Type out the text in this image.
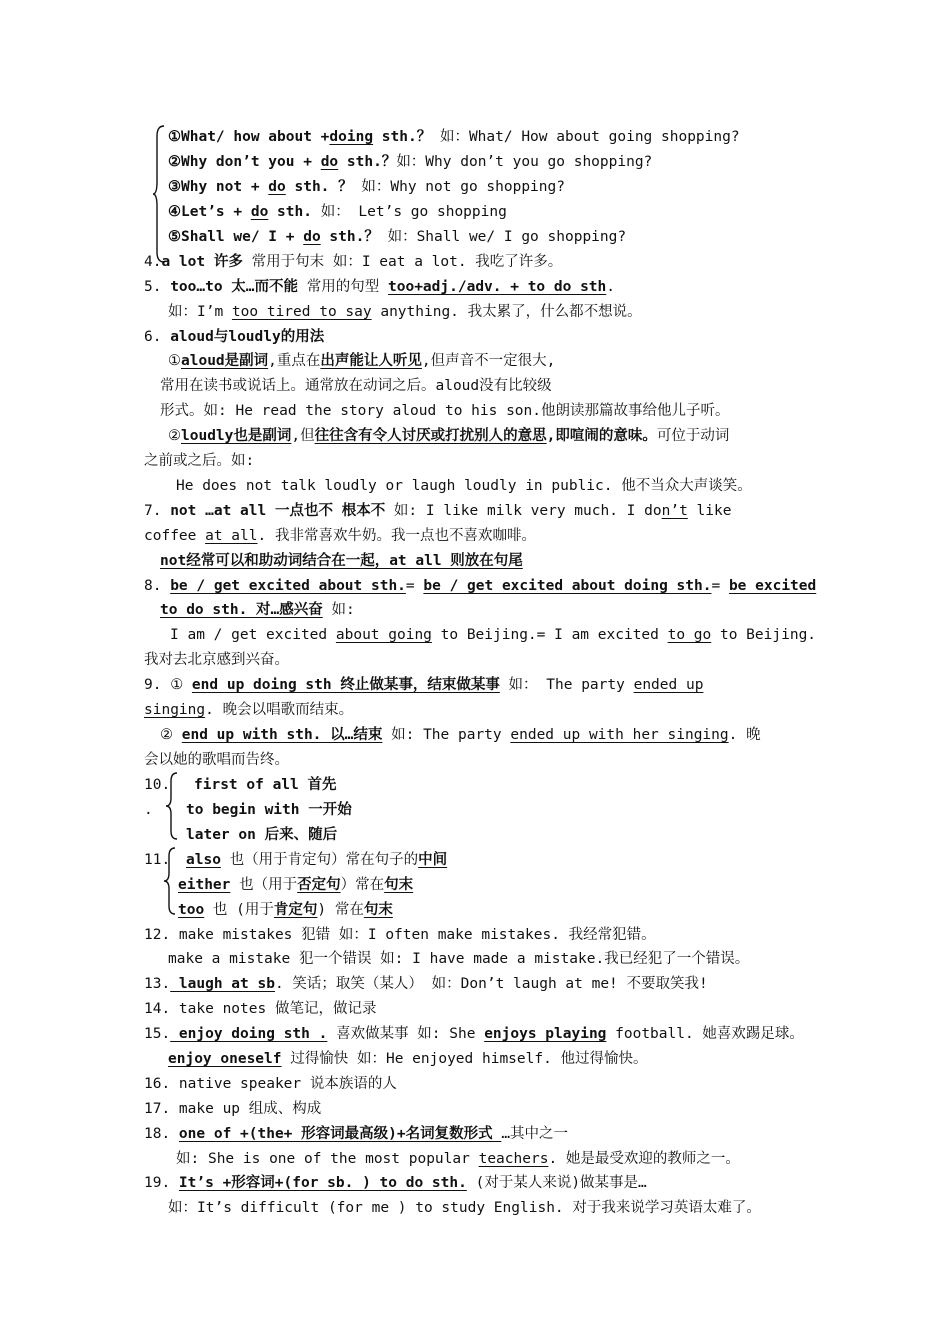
①What/ how about +doing sth.？ 如：What/ How about going shopping?
②Why don’t you + do sth.？如：Why don’t you go shopping?
③Why not + do sth. ？ 如：Why not go shopping?
④Let’s + do sth. 如： Let’s go shopping
⑤Shall we/ I + do sth.？ 如：Shall we/ I go shopping?
4.a lot 许多 常用于句末 如：I eat a lot. 我吃了许多。
5. too…to 太…而不能 常用的句型 too+adj./adv. + to do sth.
如：I’m too tired to say anything. 我太累了，什么都不想说。
6. aloud与loudly的用法
①aloud是副词,重点在出声能让人听见,但声音不一定很大,
常用在读书或说话上。通常放在动词之后。aloud没有比较级
形式。如: He read the story aloud to his son.他朗读那篇故事给他儿子听。
②loudly也是副词,但往往含有令人讨厌或打扰别人的意思,即喧闹的意味。可位于动词
之前或之后。如:
He does not talk loudly or laugh loudly in public. 他不当众大声谈笑。
7. not …at all 一点也不 根本不 如: I like milk very much. I don’t like
coffee at all. 我非常喜欢牛奶。我一点也不喜欢咖啡。
not经常可以和助动词结合在一起，at all 则放在句尾
8. be / get excited about sth.= be / get excited about doing sth.= be excited
to do sth. 对…感兴奋 如:
I am / get excited about going to Beijing.= I am excited to go to Beijing.
我对去北京感到兴奋。
9. ① end up doing sth 终止做某事，结束做某事 如： The party ended up
singing. 晚会以唱歌而结束。
② end up with sth. 以…结束 如: The party ended up with her singing. 晚
会以她的歌唱而告终。
10. first of all 首先
. to begin with 一开始
later on 后来、随后
11. also 也（用于肯定句）常在句子的中间
either 也（用于否定句）常在句末
too 也 (用于肯定句) 常在句末
12. make mistakes 犯错 如：I often make mistakes. 我经常犯错。
make a mistake 犯一个错误 如: I have made a mistake.我已经犯了一个错误。
13. laugh at sb. 笑话；取笑（某人） 如：Don’t laugh at me! 不要取笑我!
14. take notes 做笔记，做记录
15. enjoy doing sth . 喜欢做某事 如: She enjoys playing football. 她喜欢踢足球。
enjoy oneself 过得愉快 如：He enjoyed himself. 他过得愉快。
16. native speaker 说本族语的人
17. make up 组成、构成
18. one of +(the+ 形容词最高级)+名词复数形式 …其中之一
如: She is one of the most popular teachers. 她是最受欢迎的教师之一。
19. It’s +形容词+(for sb. ) to do sth. (对于某人来说)做某事是…
如：It’s difficult (for me ) to study English. 对于我来说学习英语太难了。
